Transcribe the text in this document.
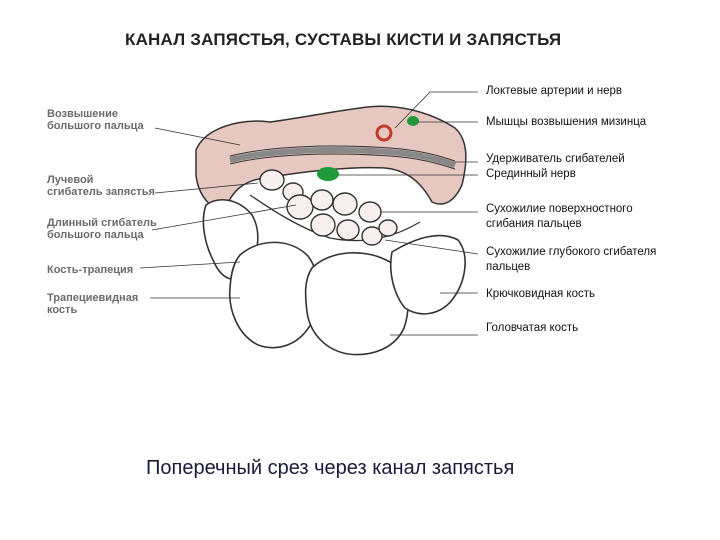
КАНАЛ ЗАПЯСТЬЯ, СУСТАВЫ КИСТИ И ЗАПЯСТЬЯ
Возвышение
большого пальца
Лучевой
сгибатель запястья
Длинный сгибатель
большого пальца
Кость-трапеция
Трапециевидная
кость
Локтевые артерии и нерв
Мышцы возвышения мизинца
Удерживатель сгибателей
Срединный нерв
Сухожилие поверхностного
сгибания пальцев
Сухожилие глубокого сгибателя
пальцев
Крючковидная кость
Головчатая кость
Поперечный срез через канал запястья
